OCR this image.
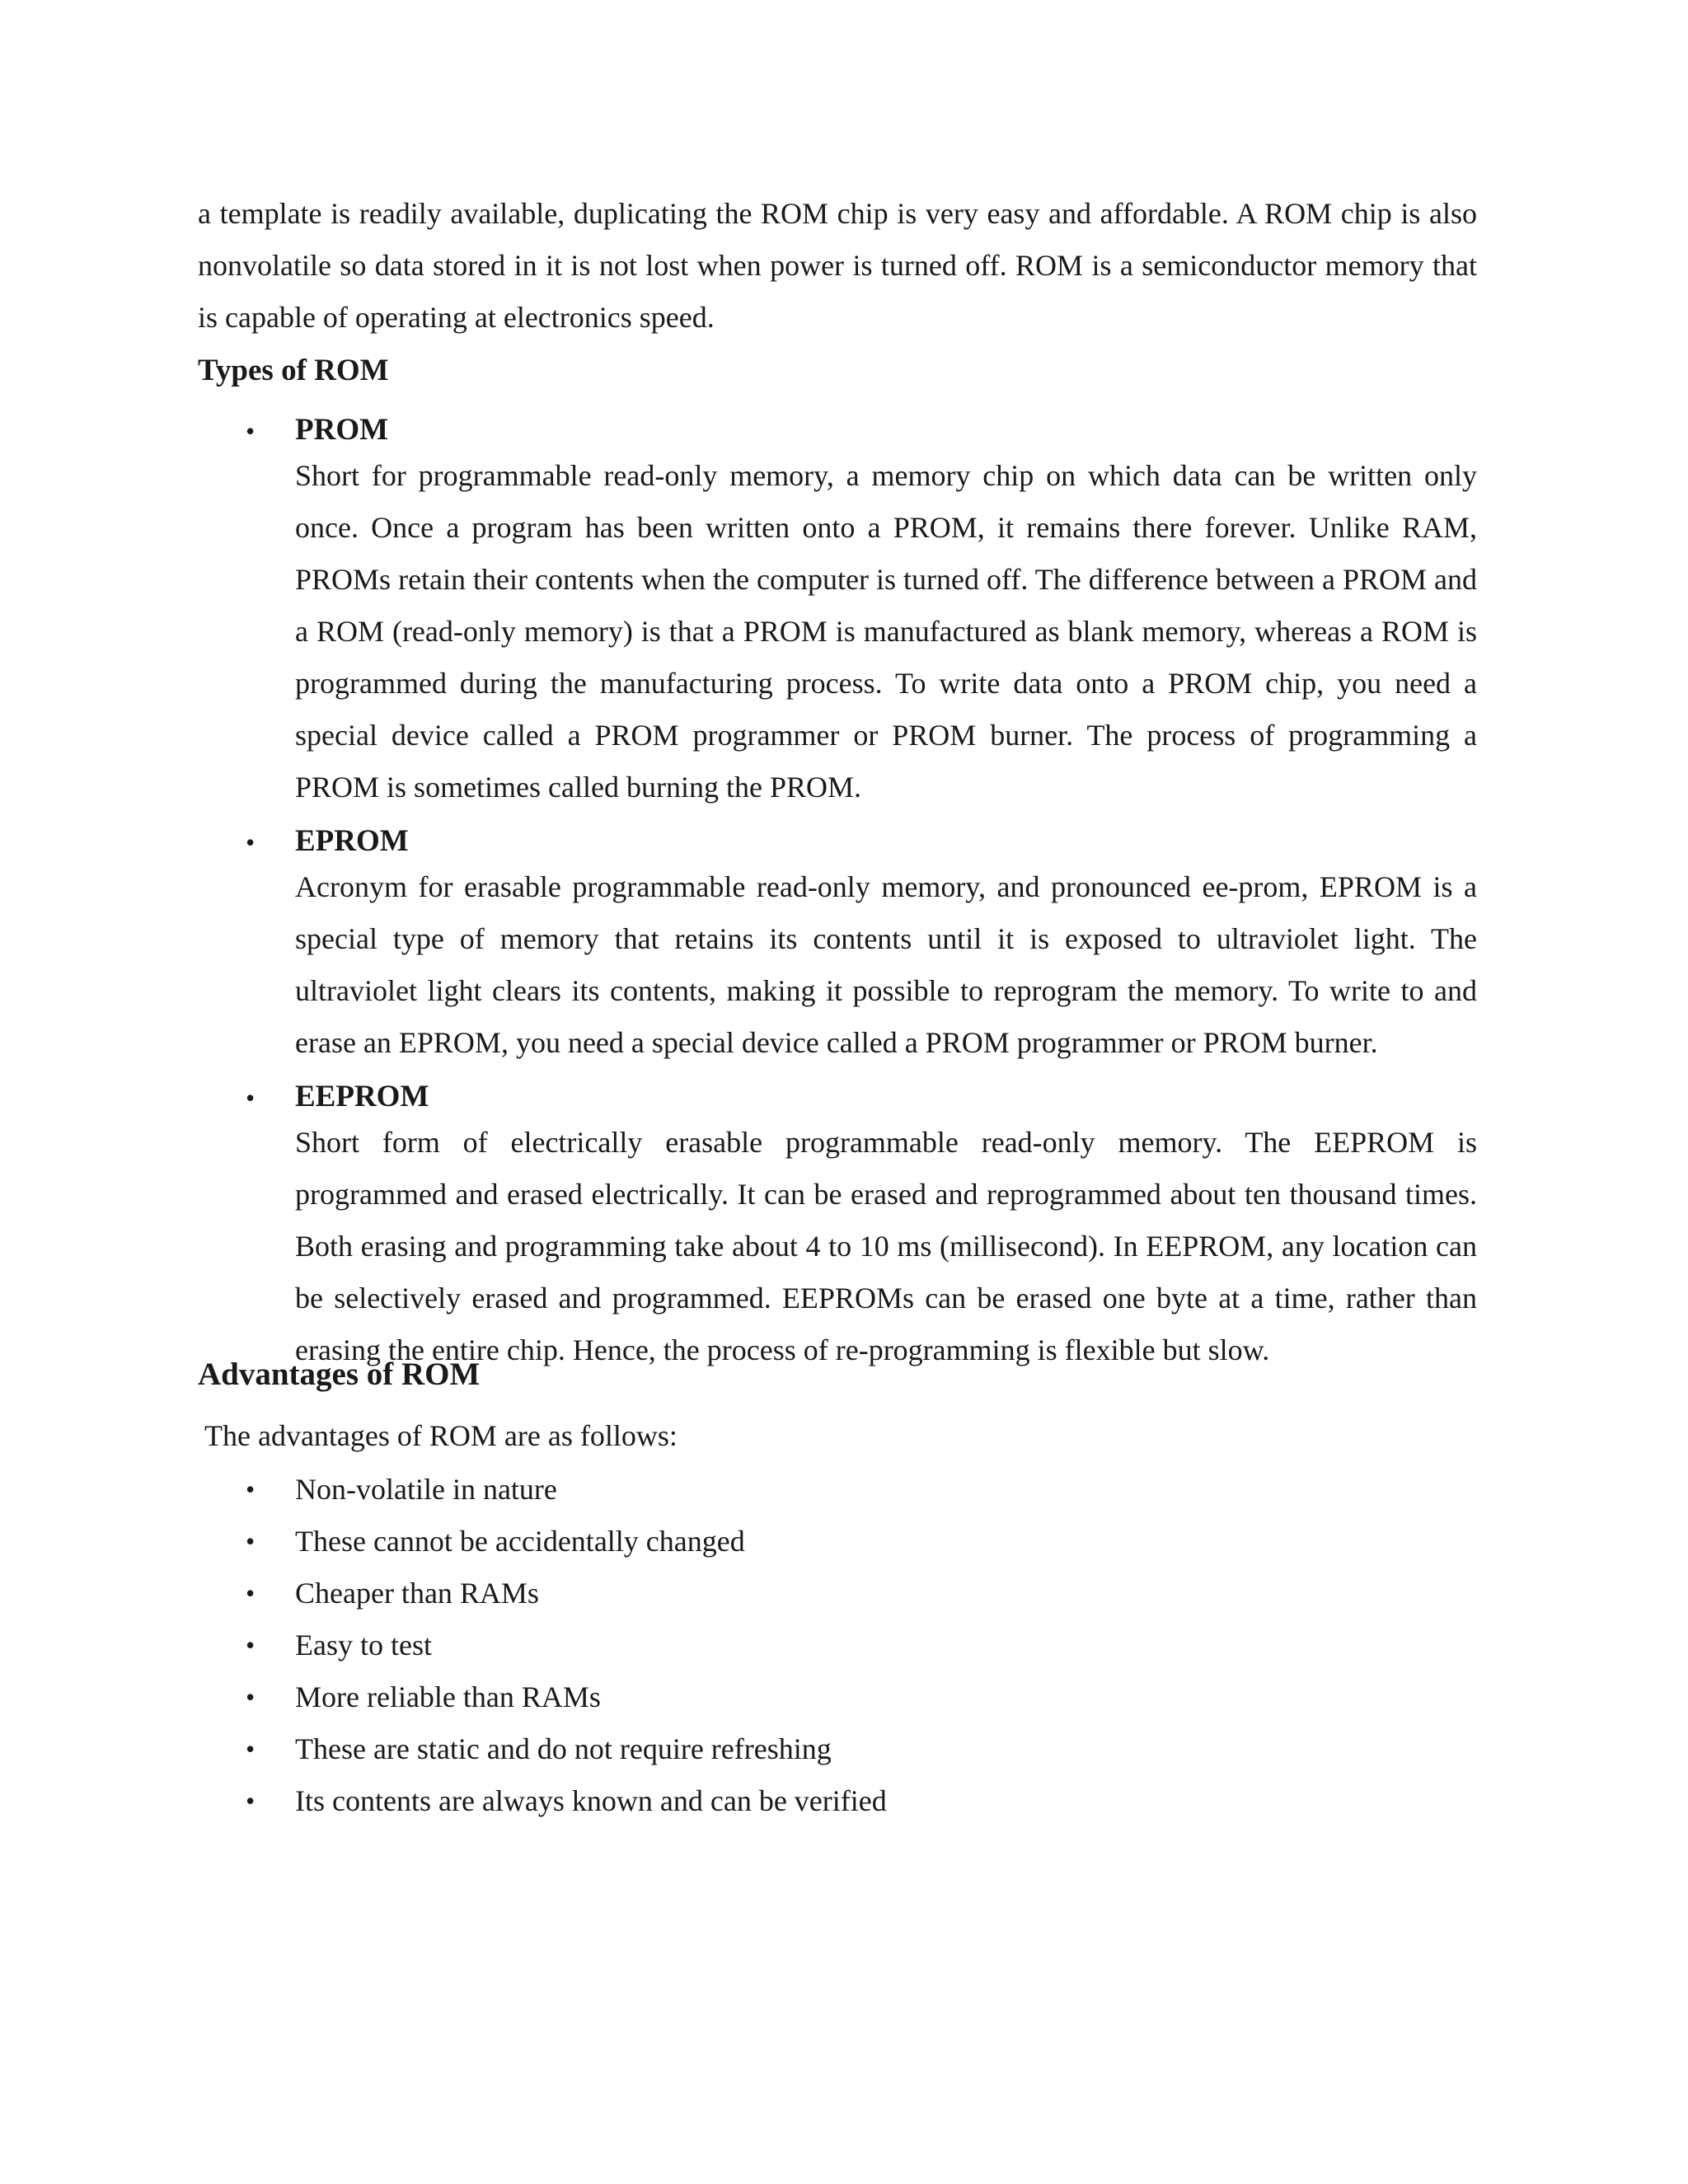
a template is readily available, duplicating the ROM chip is very easy and affordable. A ROM chip is also nonvolatile so data stored in it is not lost when power is turned off. ROM is a semiconductor memory that is capable of operating at electronics speed.

Types of ROM
• PROM

Short for programmable read-only memory, a memory chip on which data can be written only once. Once a program has been written onto a PROM, it remains there forever. Unlike RAM, PROMs retain their contents when the computer is turned off. The difference between a PROM and a ROM (read-only memory) is that a PROM is manufactured as blank memory, whereas a ROM is programmed during the manufacturing process. To write data onto a PROM chip, you need a special device called a PROM programmer or PROM burner. The process of programming a PROM is sometimes called burning the PROM.

• EPROM

Acronym for erasable programmable read-only memory, and pronounced ee-prom, EPROM is a special type of memory that retains its contents until it is exposed to ultraviolet light. The ultraviolet light clears its contents, making it possible to reprogram the memory. To write to and erase an EPROM, you need a special device called a PROM programmer or PROM burner.

• EEPROM

Short form of electrically erasable programmable read-only memory. The EEPROM is programmed and erased electrically. It can be erased and reprogrammed about ten thousand times. Both erasing and programming take about 4 to 10 ms (millisecond). In EEPROM, any location can be selectively erased and programmed. EEPROMs can be erased one byte at a time, rather than erasing the entire chip. Hence, the process of re-programming is flexible but slow.

Advantages of ROM

The advantages of ROM are as follows:

• Non-volatile in nature
• These cannot be accidentally changed
• Cheaper than RAMs
• Easy to test
• More reliable than RAMs
• These are static and do not require refreshing
• Its contents are always known and can be verified
